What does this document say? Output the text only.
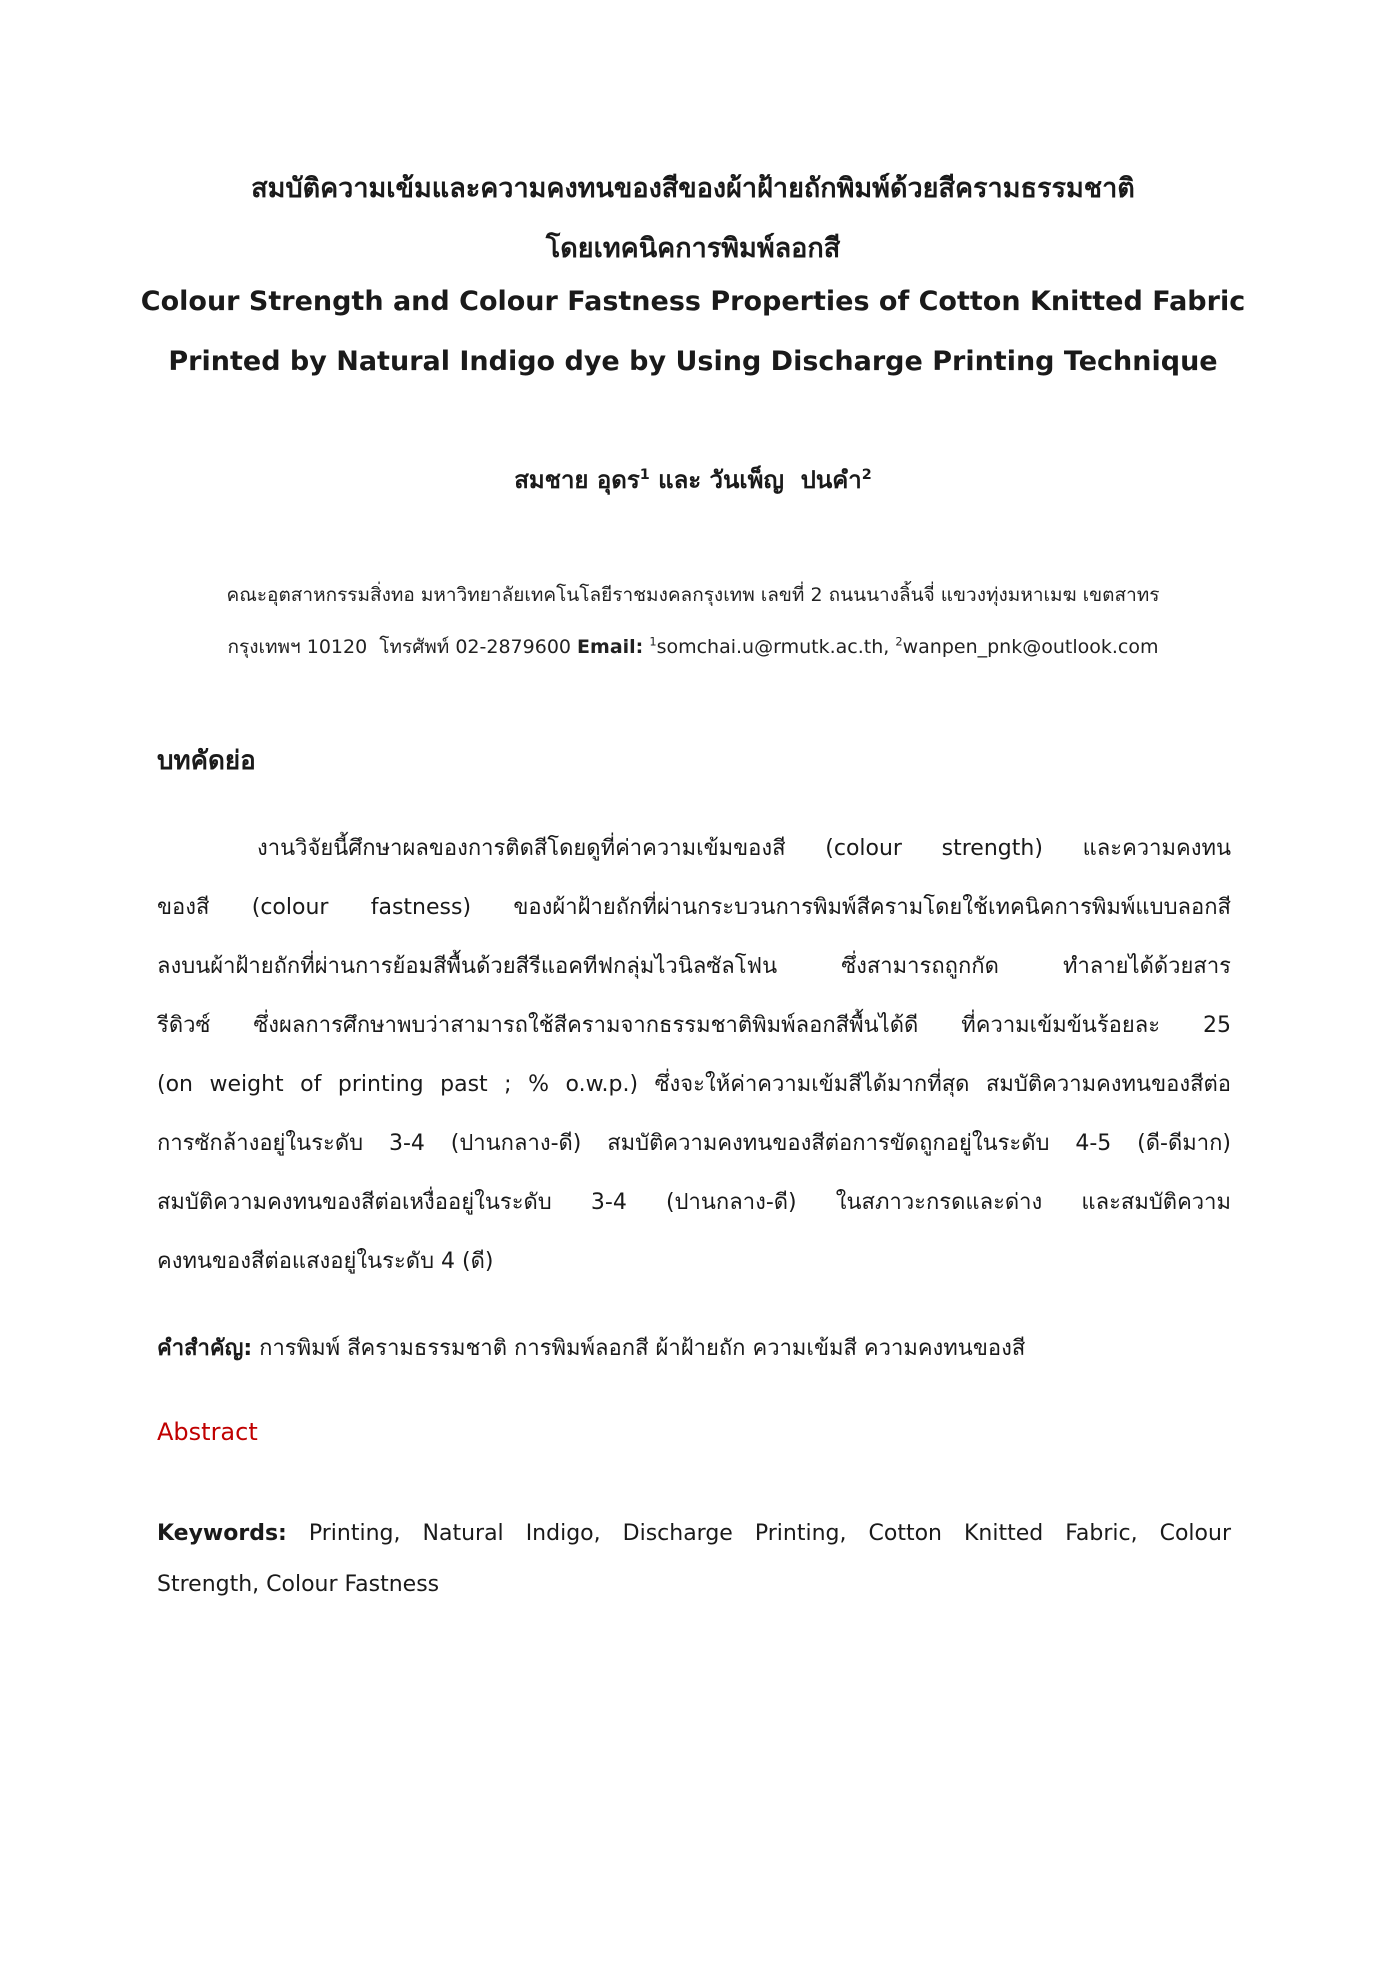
สมบัติความเข้มและความคงทนของสีของผ้าฝ้ายถักพิมพ์ด้วยสีครามธรรมชาติ
โดยเทคนิคการพิมพ์ลอกสี
Colour Strength and Colour Fastness Properties of Cotton Knitted Fabric
Printed by Natural Indigo dye by Using Discharge Printing Technique
สมชาย อุดร$^1$ และ วันเพ็ญ  ปนคำ$^2$
คณะอุตสาหกรรมสิ่งทอ มหาวิทยาลัยเทคโนโลยีราชมงคลกรุงเทพ เลขที่ 2 ถนนนางลิ้นจี่ แขวงทุ่งมหาเมฆ เขตสาทร
กรุงเทพฯ 10120  โทรศัพท์ 02-2879600 Email: $^1$somchai.u@rmutk.ac.th, $^2$wanpen_pnk@outlook.com
บทคัดย่อ
งานวิจัยนี้ศึกษาผลของการติดสีโดยดูที่ค่าความเข้มของสี (colour strength) และความคงทน
ของสี (colour fastness) ของผ้าฝ้ายถักที่ผ่านกระบวนการพิมพ์สีครามโดยใช้เทคนิคการพิมพ์แบบลอกสี
ลงบนผ้าฝ้ายถักที่ผ่านการย้อมสีพื้นด้วยสีรีแอคทีฟกลุ่มไวนิลซัลโฟน ซึ่งสามารถถูกกัด ทำลายได้ด้วยสาร
รีดิวซ์ ซึ่งผลการศึกษาพบว่าสามารถใช้สีครามจากธรรมชาติพิมพ์ลอกสีพื้นได้ดี ที่ความเข้มข้นร้อยละ 25
(on weight of printing past ; % o.w.p.) ซึ่งจะให้ค่าความเข้มสีได้มากที่สุด สมบัติความคงทนของสีต่อ
การซักล้างอยู่ในระดับ 3-4 (ปานกลาง-ดี) สมบัติความคงทนของสีต่อการขัดถูกอยู่ในระดับ 4-5 (ดี-ดีมาก)
สมบัติความคงทนของสีต่อเหงื่ออยู่ในระดับ 3-4 (ปานกลาง-ดี) ในสภาวะกรดและด่าง และสมบัติความ
คงทนของสีต่อแสงอยู่ในระดับ 4 (ดี)
คำสำคัญ: การพิมพ์ สีครามธรรมชาติ การพิมพ์ลอกสี ผ้าฝ้ายถัก ความเข้มสี ความคงทนของสี
Abstract
Keywords: Printing, Natural Indigo, Discharge Printing, Cotton Knitted Fabric, Colour
Strength, Colour Fastness
